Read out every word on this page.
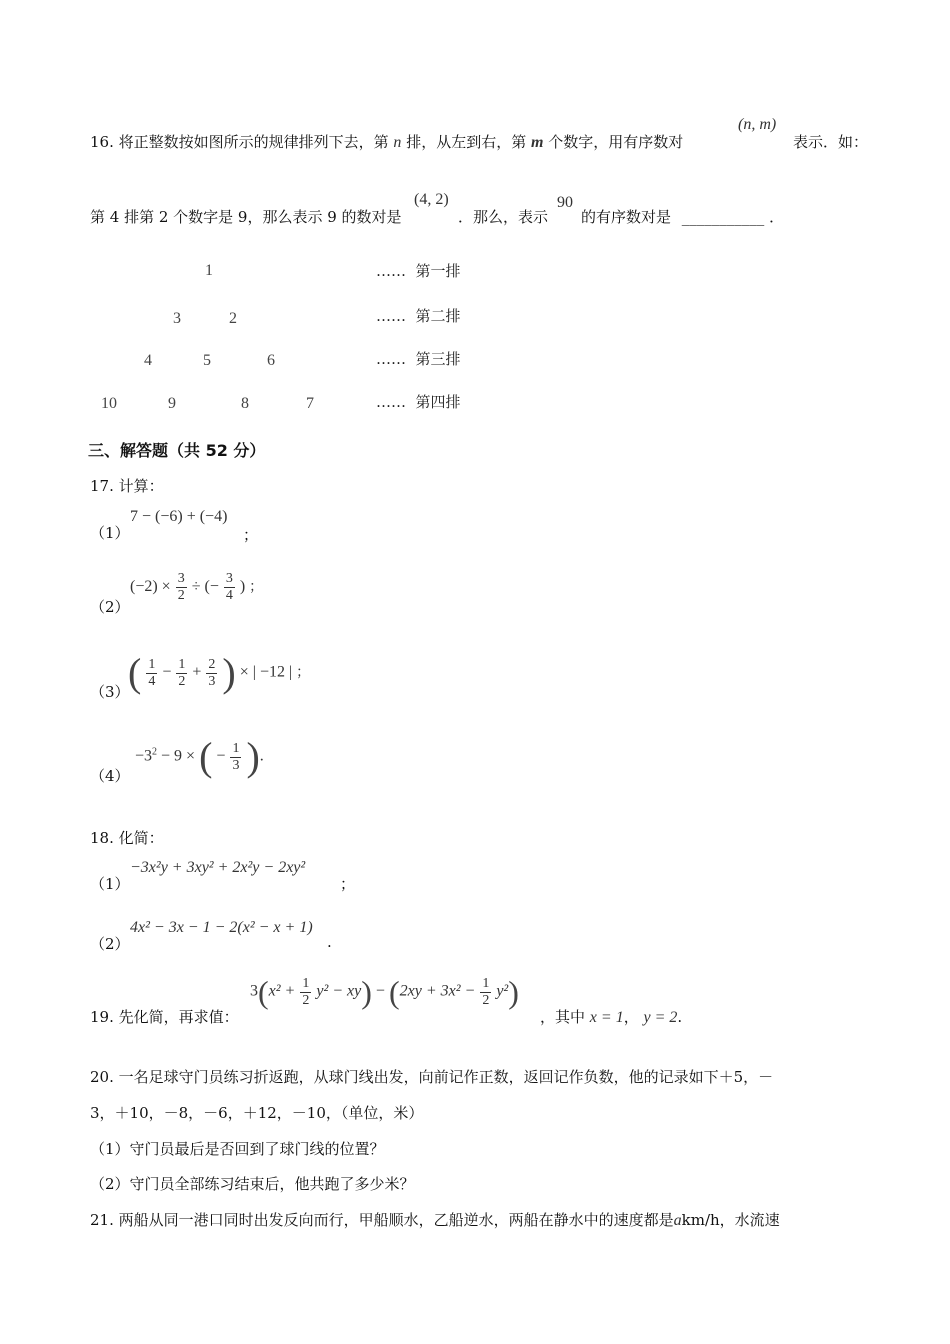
16. 将正整数按如图所示的规律排列下去，第 n 排，从左到右，第 m 个数字，用有序数对
(n, m)
表示．如：
第 4 排第 2 个数字是 9，那么表示 9 的数对是
(4, 2)
．那么，表示
90
的有序数对是 ___________ ．
1
3	2
4	5	6
10	9	8	7
…… 第一排
…… 第二排
…… 第三排
…… 第四排
三、解答题（共 52 分）
17. 计算：
（1）
7 − (−6) + (−4)
；
（2）
$(-2) \times \frac{3}{2}$ ÷ (− $\frac{3}{4}$ ) ；
（3）
( $\frac{1}{4} - \frac{1}{2} + \frac{2}{3}$ ) × | −12 | ；
（4）
$-3^2 - 9$ × ( − $\frac{1}{3}$ ).
18. 化简：
（1）
−3x²y + 3xy² + 2x²y − 2xy²
；
（2）
4x² − 3x − 1 − 2(x² − x + 1)
.
19. 先化简，再求值：
$3(x^2 + \frac{1}{2} y^2 - xy) - (2xy + 3x^2 - \frac{1}{2} y^2)$
，其中 x = 1， y = 2.
20. 一名足球守门员练习折返跑，从球门线出发，向前记作正数，返回记作负数，他的记录如下＋5，－
3，＋10，－8，－6，＋12，－10，（单位，米）
（1）守门员最后是否回到了球门线的位置？
（2）守门员全部练习结束后，他共跑了多少米？
21. 两船从同一港口同时出发反向而行，甲船顺水，乙船逆水，两船在静水中的速度都是akm/h，水流速
